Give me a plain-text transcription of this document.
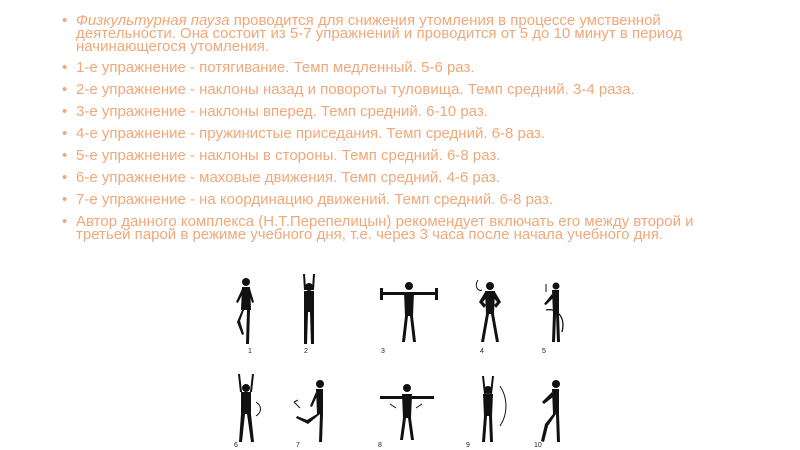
• Физкультурная пауза проводится для снижения утомления в процессе умственной деятельности. Она состоит из 5-7 упражнений и проводится от 5 до 10 минут в период начинающегося утомления.
• 1-е упражнение - потягивание. Темп медленный. 5-6 раз.
• 2-е упражнение - наклоны назад и повороты туловища. Темп средний. 3-4 раза.
• 3-е упражнение - наклоны вперед. Темп средний. 6-10 раз.
• 4-е упражнение - пружинистые приседания. Темп средний. 6-8 раз.
• 5-е упражнение - наклоны в стороны. Темп средний. 6-8 раз.
• 6-е упражнение - маховые движения. Темп средний. 4-6 раз.
• 7-е упражнение - на координацию движений. Темп средний. 6-8 раз.
• Автор данного комплекса (Н.Т.Перепелицын) рекомендует включать его между второй и третьей парой в режиме учебного дня, т.е. через 3 часа после начала учебного дня.
1	2	3	4	5
6	7	8	9	10
